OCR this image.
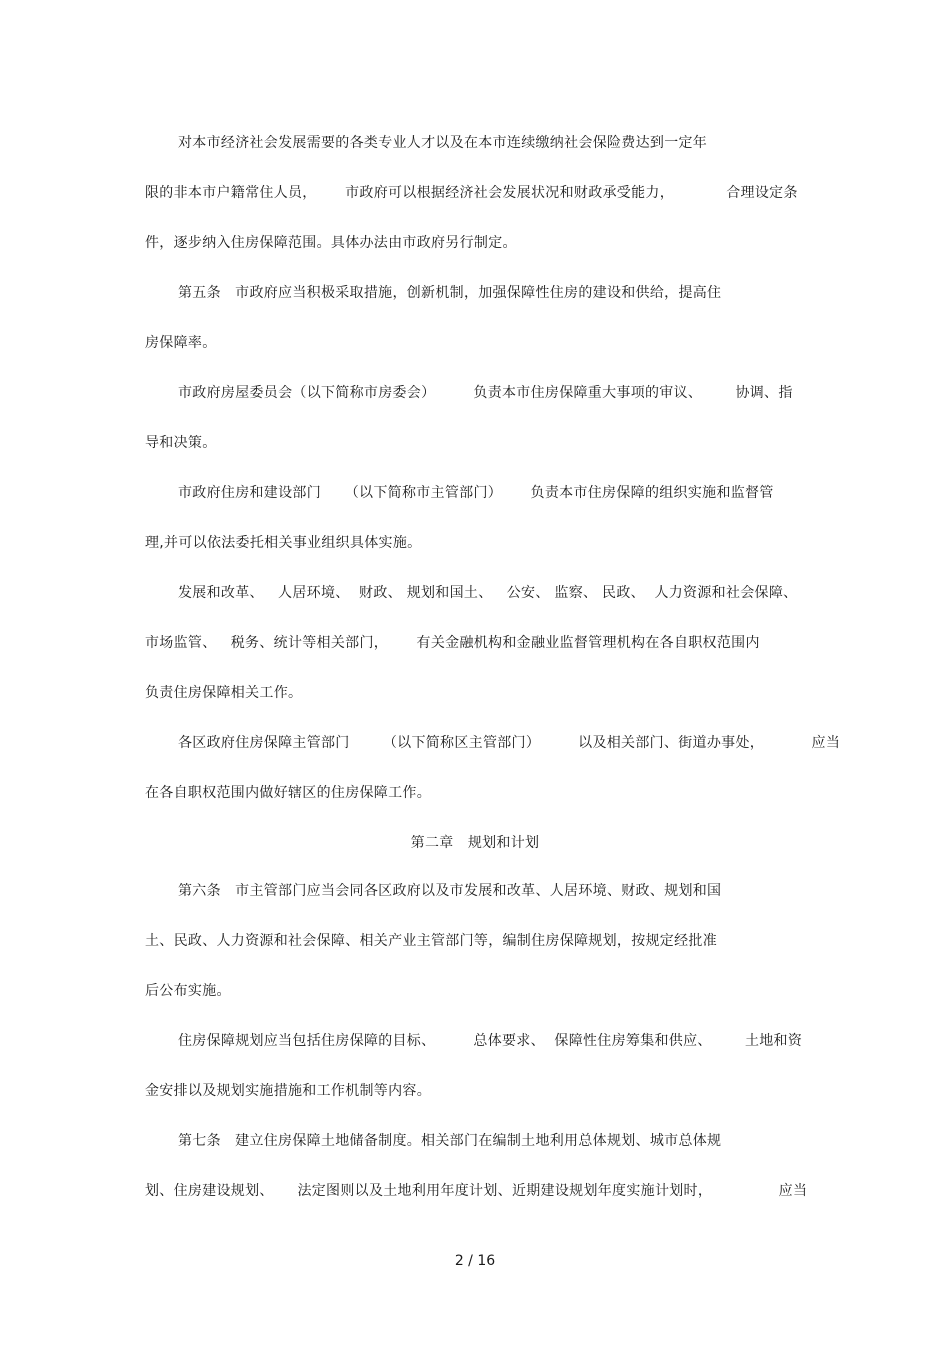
对本市经济社会发展需要的各类专业人才以及在本市连续缴纳社会保险费达到一定年
限的非本市户籍常住人员，      市政府可以根据经济社会发展状况和财政承受能力，           合理设定条
件，逐步纳入住房保障范围。具体办法由市政府另行制定。
第五条   市政府应当积极采取措施，创新机制，加强保障性住房的建设和供给，提高住
房保障率。
市政府房屋委员会（以下简称市房委会）        负责本市住房保障重大事项的审议、       协调、指
导和决策。
市政府住房和建设部门     （以下简称市主管部门）      负责本市住房保障的组织实施和监督管
理,并可以依法委托相关事业组织具体实施。
发展和改革、   人居环境、  财政、 规划和国土、   公安、 监察、 民政、  人力资源和社会保障、
市场监管、   税务、统计等相关部门，      有关金融机构和金融业监督管理机构在各自职权范围内
负责住房保障相关工作。
各区政府住房保障主管部门       （以下简称区主管部门）        以及相关部门、街道办事处，          应当
在各自职权范围内做好辖区的住房保障工作。
第二章   规划和计划
第六条   市主管部门应当会同各区政府以及市发展和改革、人居环境、财政、规划和国
土、民政、人力资源和社会保障、相关产业主管部门等，编制住房保障规划，按规定经批准
后公布实施。
住房保障规划应当包括住房保障的目标、        总体要求、  保障性住房筹集和供应、       土地和资
金安排以及规划实施措施和工作机制等内容。
第七条   建立住房保障土地储备制度。相关部门在编制土地利用总体规划、城市总体规
划、住房建设规划、     法定图则以及土地利用年度计划、近期建设规划年度实施计划时，              应当
2 / 16
